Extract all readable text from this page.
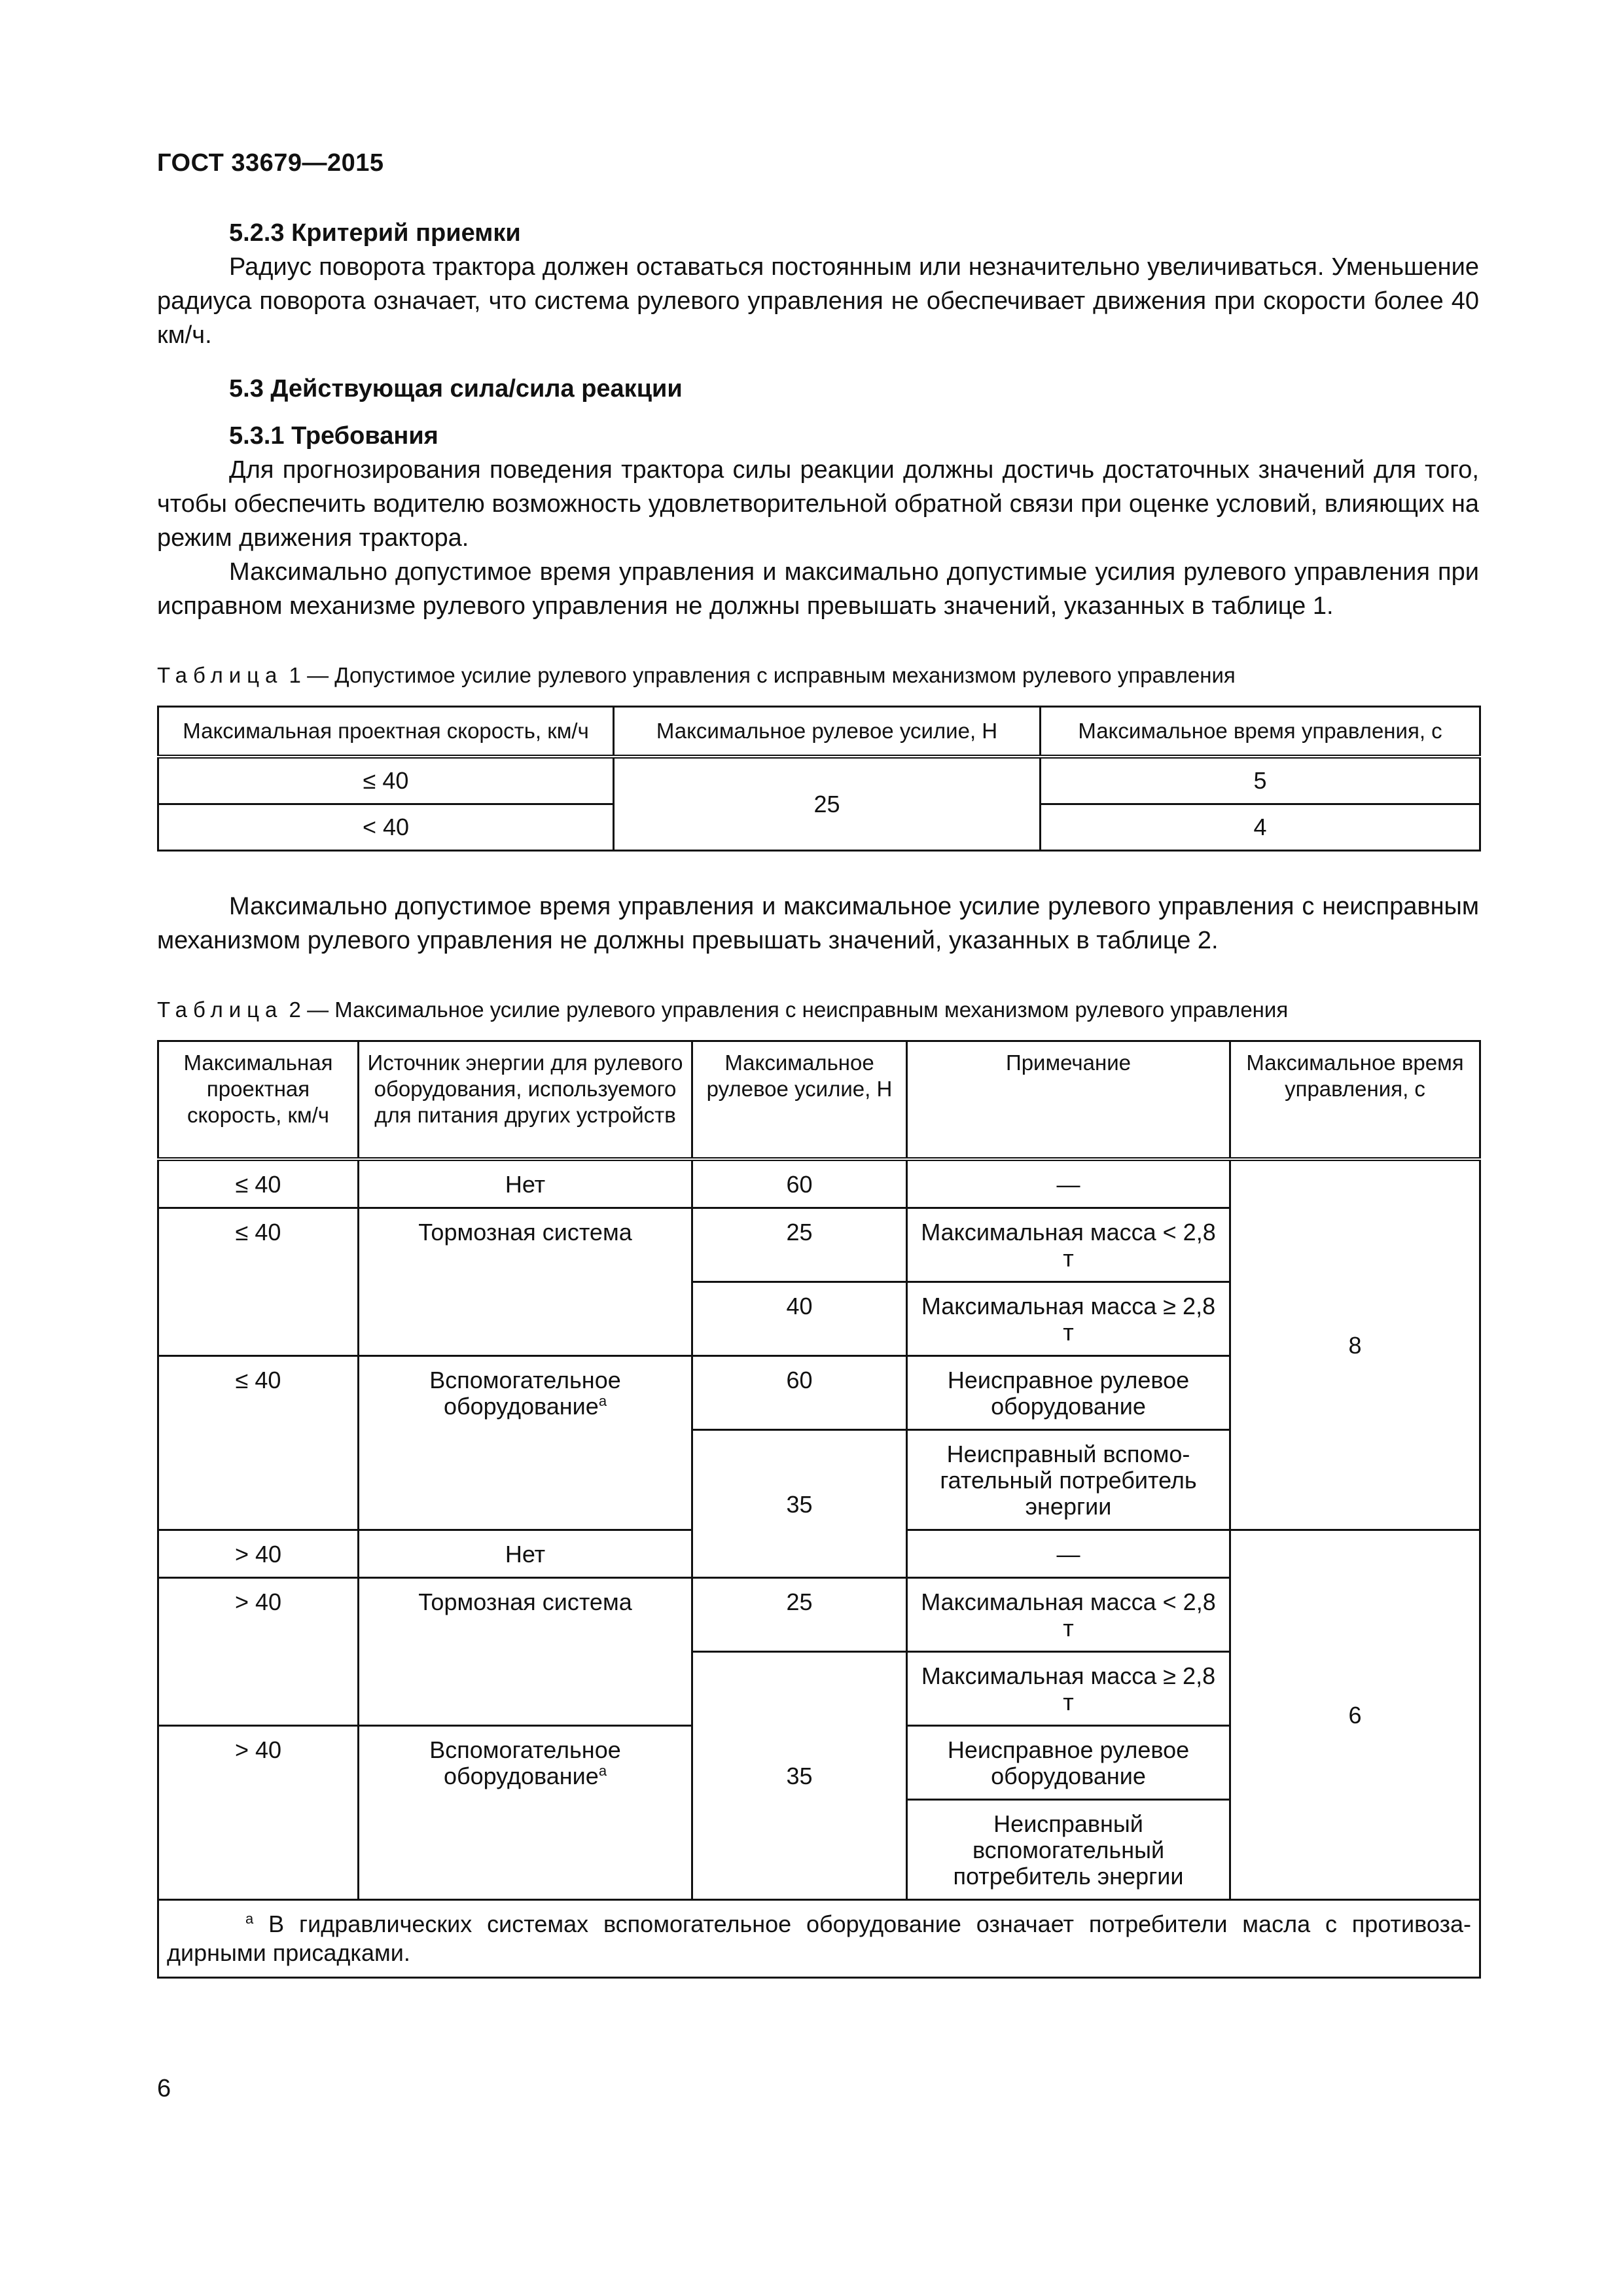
ГОСТ 33679—2015
5.2.3 Критерий приемки

Радиус поворота трактора должен оставаться постоянным или незначительно увеличиваться. Уменьшение радиуса поворота означает, что система рулевого управления не обеспечивает движения при скорости более 40 км/ч.

5.3 Действующая сила/сила реакции
5.3.1 Требования

Для прогнозирования поведения трактора силы реакции должны достичь достаточных значений для того, чтобы обеспечить водителю возможность удовлетворительной обратной связи при оценке условий, влияющих на режим движения трактора.

Максимально допустимое время управления и максимально допустимые усилия рулевого управления при исправном механизме рулевого управления не должны превышать значений, указанных в таблице 1.

Таблица 1 — Допустимое усилие рулевого управления с исправным механизмом рулевого управления
Максимальная проектная скорость, км/ч	Максимальное рулевое усилие, Н	Максимальное время управления, с
≤ 40	25	5
< 40		4

Максимально допустимое время управления и максимальное усилие рулевого управления с неисправным механизмом рулевого управления не должны превышать значений, указанных в таблице 2.

Таблица 2 — Максимальное усилие рулевого управления с неисправным механизмом рулевого управления
Максимальная проектная скорость, км/ч	Источник энергии для рулевого оборудования, используемого для питания других устройств	Максимальное рулевое усилие, Н	Примечание	Максимальное время управления, с
≤ 40	Нет	60	—	8
≤ 40	Тормозная система	25	Максимальная масса < 2,8 т	
		40	Максимальная масса ≥ 2,8 т	
≤ 40	Вспомогательное оборудование$^a$	60	Неисправное рулевое оборудование	
		35	Неисправный вспомо-гательный потребитель энергии	
> 40	Нет		—	6
> 40	Тормозная система	25	Максимальная масса < 2,8 т	
		35	Максимальная масса ≥ 2,8 т	
> 40	Вспомогательное оборудование$^a$		Неисправное рулевое оборудование	
			Неисправный вспомогательный потребитель энергии	
$^a$ В гидравлических системах вспомогательное оборудование означает потребители масла с противоза-дирными присадками.				
6
